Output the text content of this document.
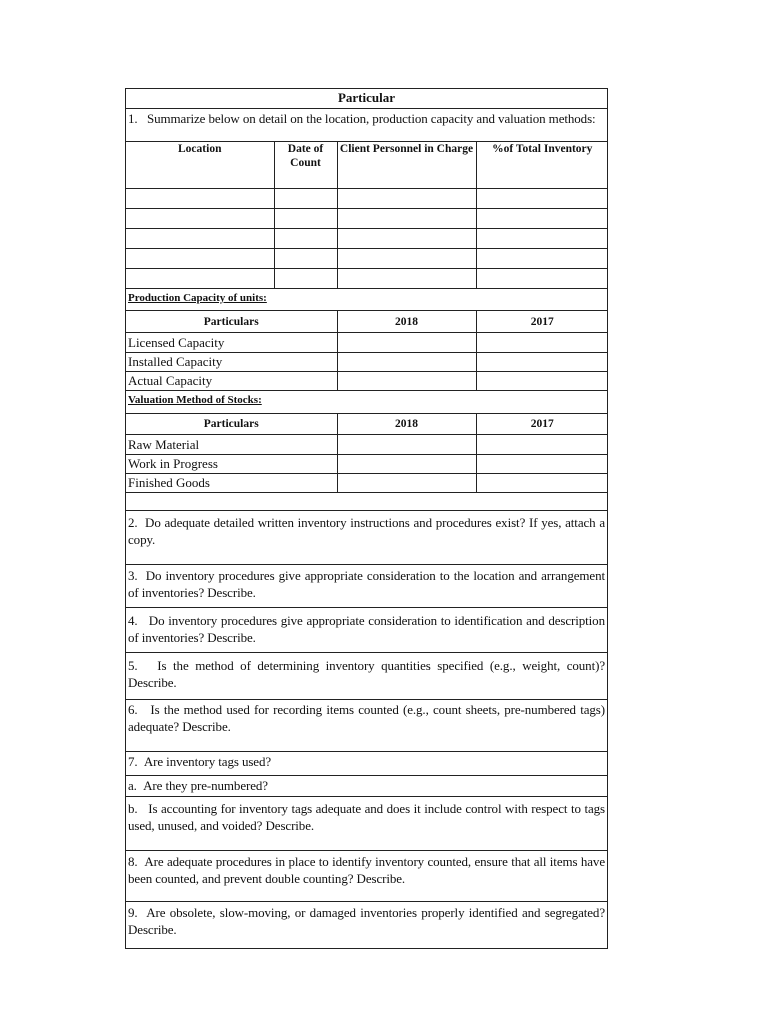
Particular
1.   Summarize below on detail on the location, production capacity and valuation methods:
Location	Date of Count	Client Personnel in Charge	%of Total Inventory

Production Capacity of units:
Particulars	2018	2017
Licensed Capacity		
Installed Capacity		
Actual Capacity		
Valuation Method of Stocks:
Particulars	2018	2017
Raw Material		
Work in Progress		
Finished Goods		
2.  Do adequate detailed written inventory instructions and procedures exist? If yes, attach a copy.
3.  Do inventory procedures give appropriate consideration to the location and arrangement of inventories? Describe.
4.   Do inventory procedures give appropriate consideration to identification and description of inventories? Describe.
5.   Is the method of determining inventory quantities specified (e.g., weight, count)? Describe.
6.   Is the method used for recording items counted (e.g., count sheets, pre-numbered tags) adequate? Describe.
7.  Are inventory tags used?
a.  Are they pre-numbered?
b.   Is accounting for inventory tags adequate and does it include control with respect to tags used, unused, and voided? Describe.
8.  Are adequate procedures in place to identify inventory counted, ensure that all items have been counted, and prevent double counting? Describe.
9.  Are obsolete, slow-moving, or damaged inventories properly identified and segregated? Describe.
